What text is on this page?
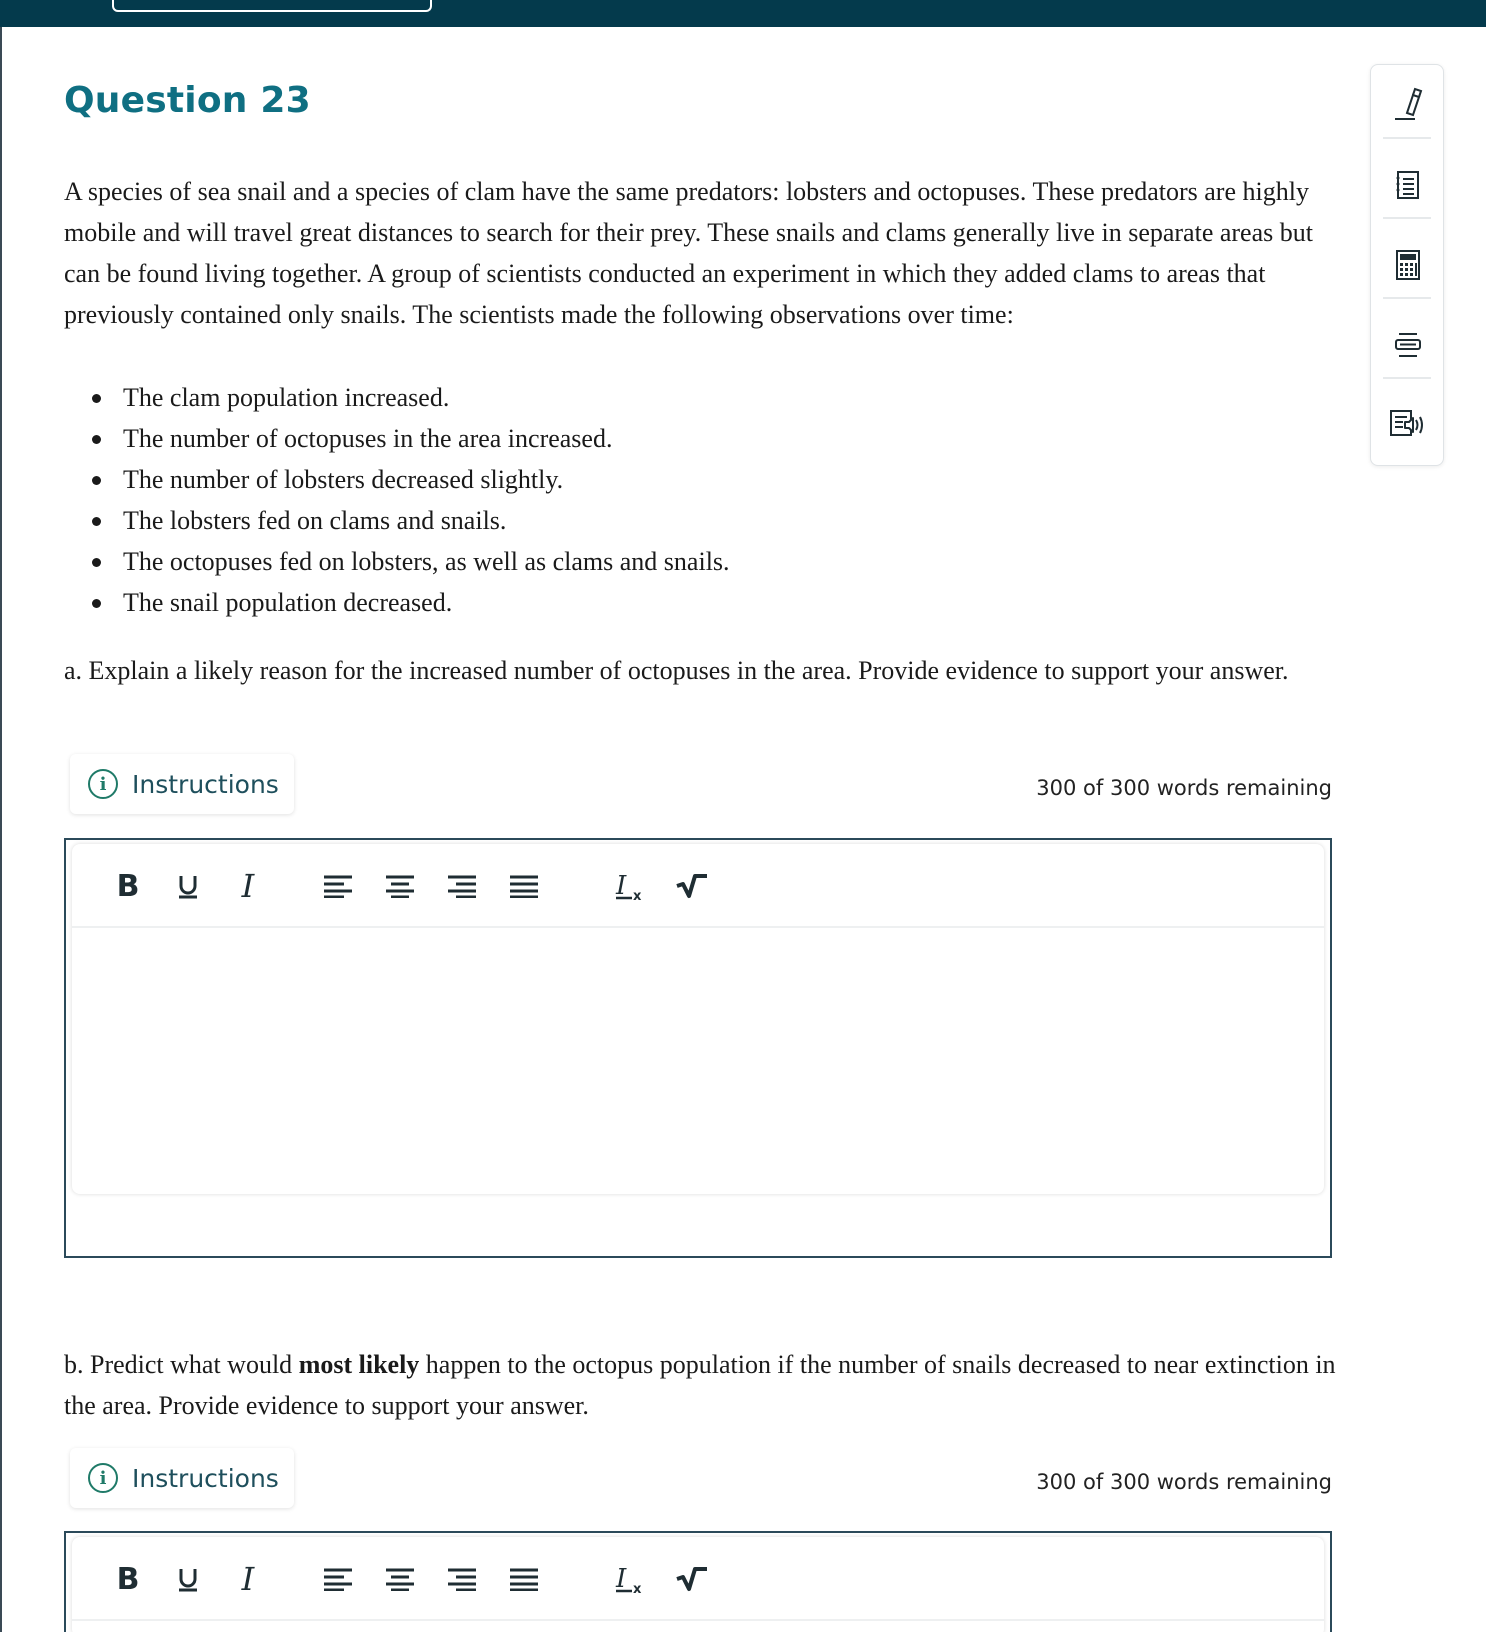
Question 23

A species of sea snail and a species of clam have the same predators: lobsters and octopuses. These predators are highly mobile and will travel great distances to search for their prey. These snails and clams generally live in separate areas but can be found living together. A group of scientists conducted an experiment in which they added clams to areas that previously contained only snails. The scientists made the following observations over time:

The clam population increased.
The number of octopuses in the area increased.
The number of lobsters decreased slightly.
The lobsters fed on clams and snails.
The octopuses fed on lobsters, as well as clams and snails.
The snail population decreased.

a. Explain a likely reason for the increased number of octopuses in the area. Provide evidence to support your answer.

i	Instructions	300 of 300 words remaining
B	I	I x

b. Predict what would most likely happen to the octopus population if the number of snails decreased to near extinction in the area. Provide evidence to support your answer.

i	Instructions	300 of 300 words remaining
B	I	I x
